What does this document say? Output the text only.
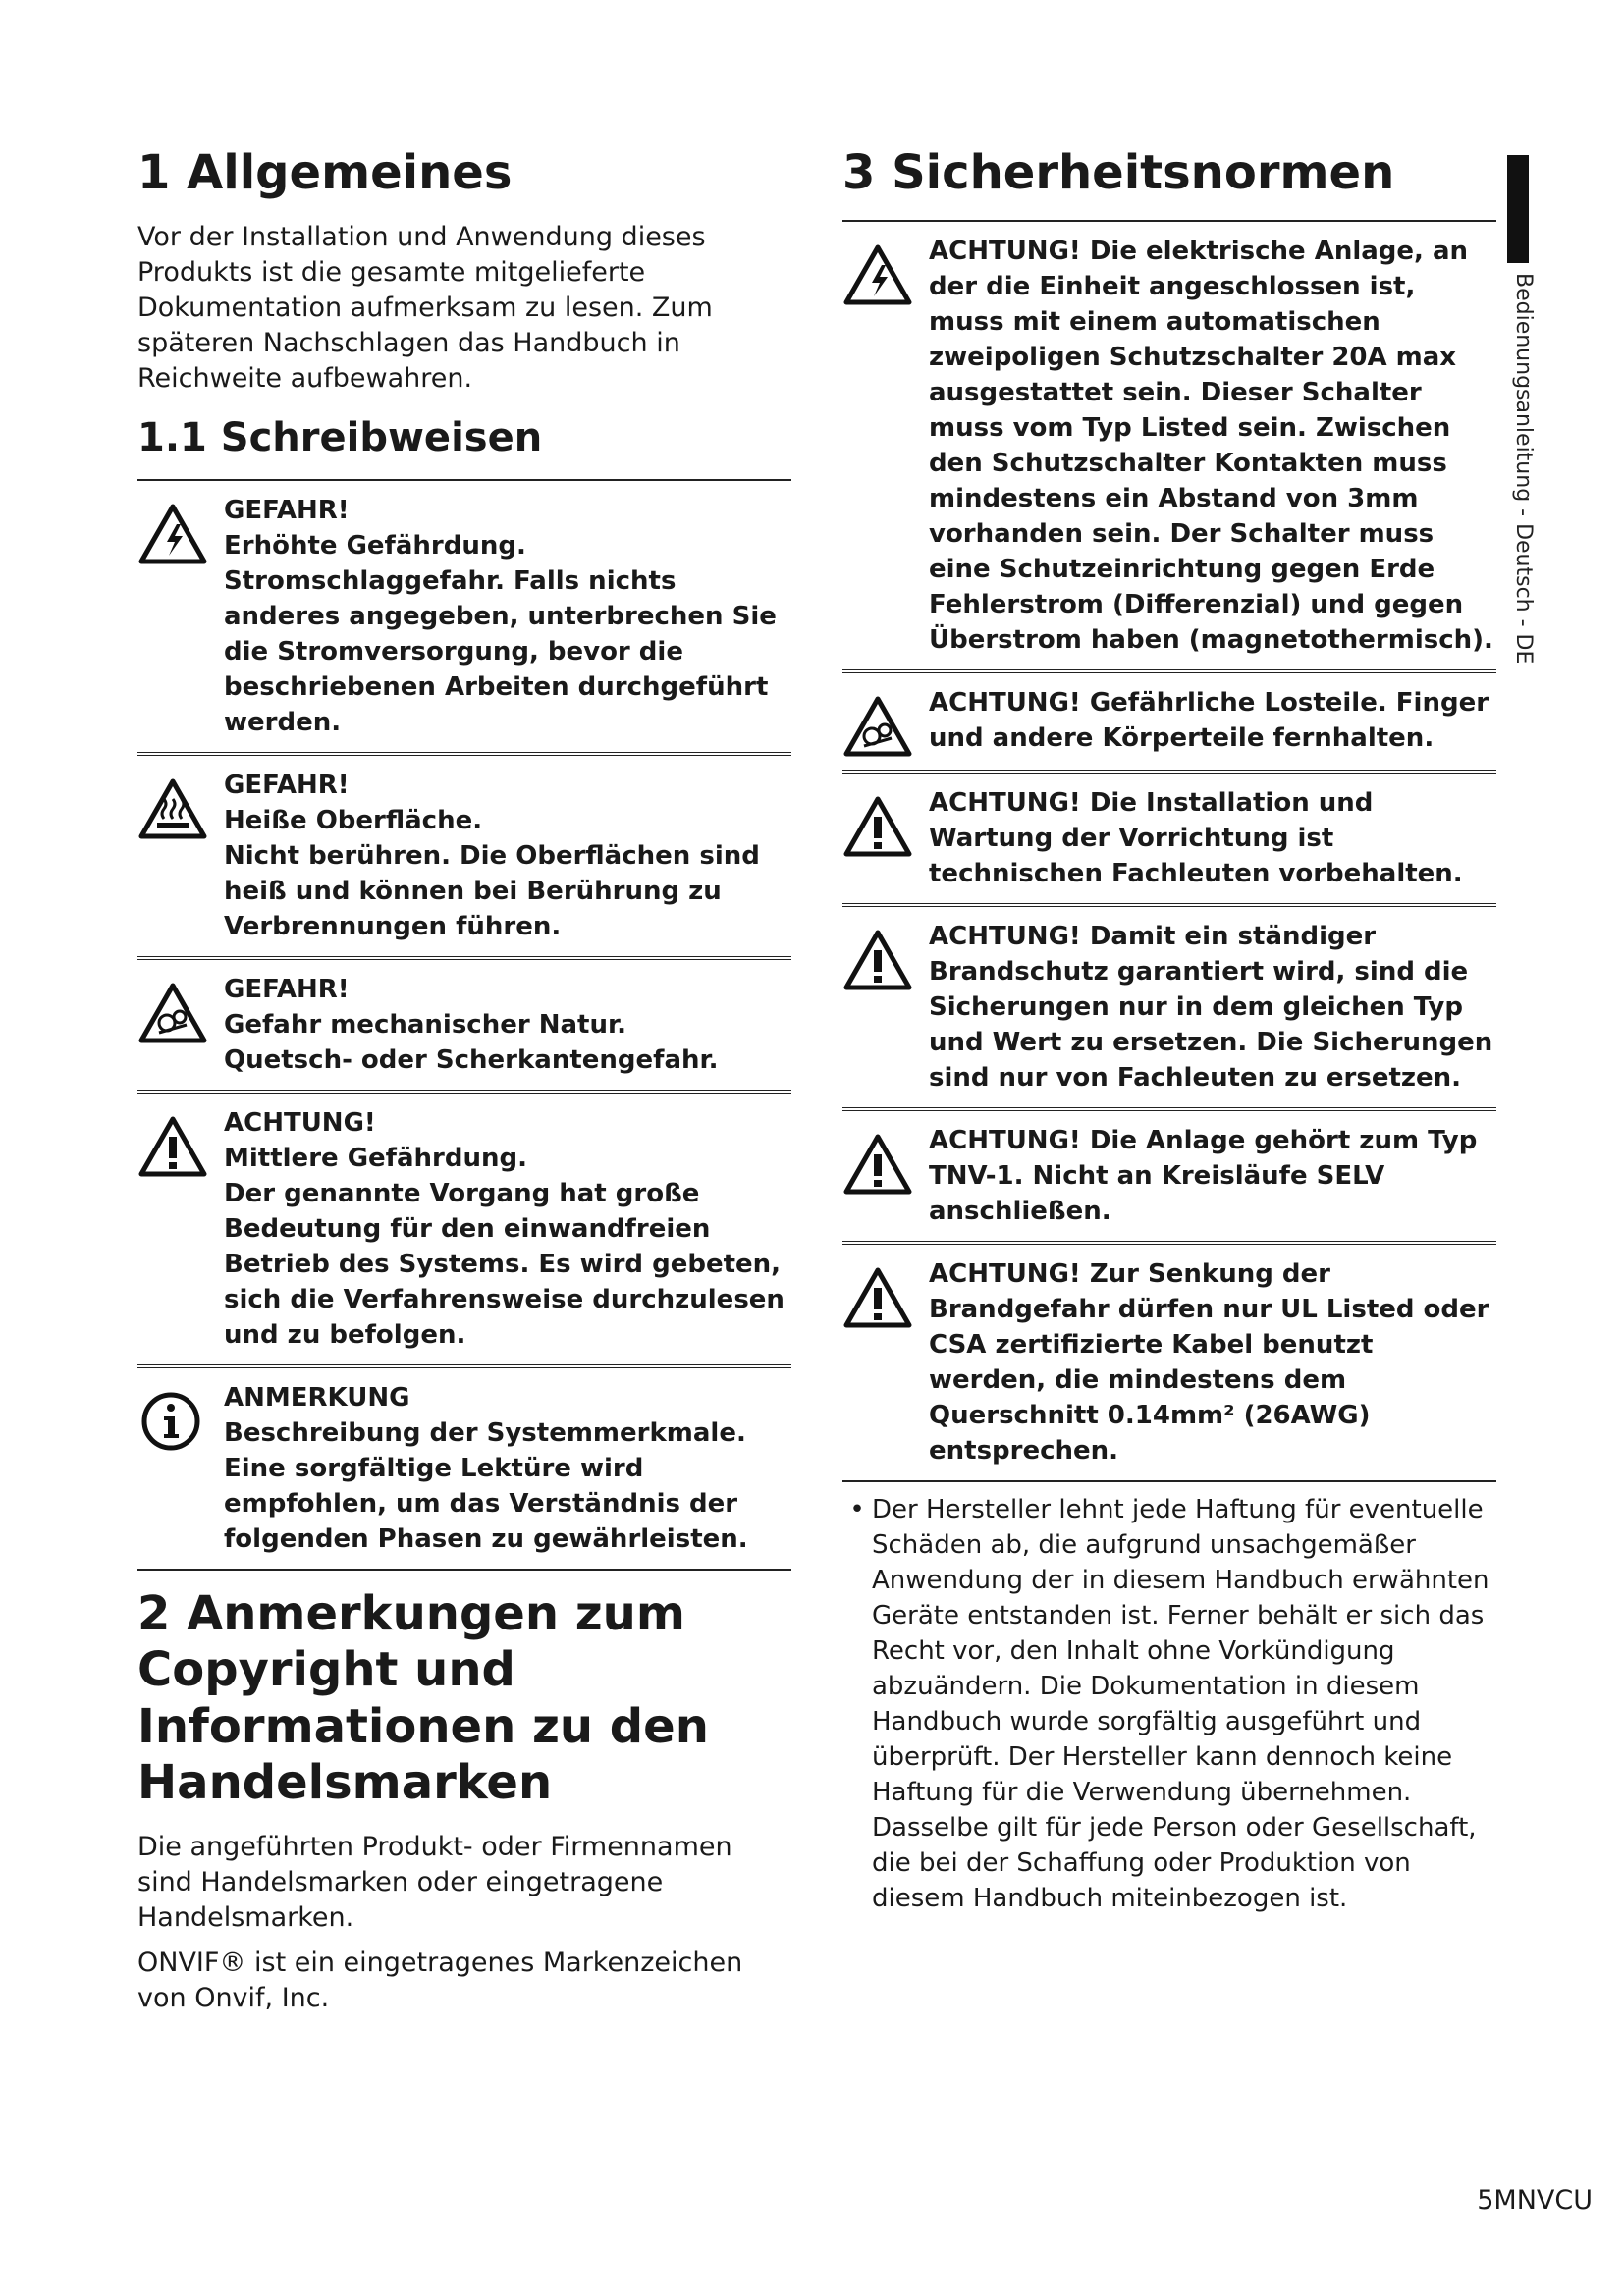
1 Allgemeines

Vor der Installation und Anwendung dieses Produkts ist die gesamte mitgelieferte Dokumentation aufmerksam zu lesen. Zum späteren Nachschlagen das Handbuch in Reichweite aufbewahren.

1.1 Schreibweisen
GEFAHR!
Erhöhte Gefährdung.
Stromschlaggefahr. Falls nichts anderes angegeben, unterbrechen Sie die Stromversorgung, bevor die beschriebenen Arbeiten durchgeführt werden.
GEFAHR!
Heiße Oberfläche.
Nicht berühren. Die Oberflächen sind heiß und können bei Berührung zu Verbrennungen führen.
GEFAHR!
Gefahr mechanischer Natur.
Quetsch- oder Scherkantengefahr.
ACHTUNG!
Mittlere Gefährdung.
Der genannte Vorgang hat große Bedeutung für den einwandfreien Betrieb des Systems. Es wird gebeten, sich die Verfahrensweise durchzulesen und zu befolgen.
ANMERKUNG
Beschreibung der Systemmerkmale.
Eine sorgfältige Lektüre wird empfohlen, um das Verständnis der folgenden Phasen zu gewährleisten.
2 Anmerkungen zum Copyright und Informationen zu den Handelsmarken

Die angeführten Produkt- oder Firmennamen sind Handelsmarken oder eingetragene Handelsmarken.

ONVIF® ist ein eingetragenes Markenzeichen von Onvif, Inc.

3 Sicherheitsnormen
ACHTUNG! Die elektrische Anlage, an der die Einheit angeschlossen ist, muss mit einem automatischen zweipoligen Schutzschalter 20A max ausgestattet sein. Dieser Schalter muss vom Typ Listed sein. Zwischen den Schutzschalter Kontakten muss mindestens ein Abstand von 3mm vorhanden sein. Der Schalter muss eine Schutzeinrichtung gegen Erde Fehlerstrom (Differenzial) und gegen Überstrom haben (magnetothermisch).
ACHTUNG! Gefährliche Losteile. Finger und andere Körperteile fernhalten.
ACHTUNG! Die Installation und Wartung der Vorrichtung ist technischen Fachleuten vorbehalten.
ACHTUNG! Damit ein ständiger Brandschutz garantiert wird, sind die Sicherungen nur in dem gleichen Typ und Wert zu ersetzen. Die Sicherungen sind nur von Fachleuten zu ersetzen.
ACHTUNG! Die Anlage gehört zum Typ TNV-1. Nicht an Kreisläufe SELV anschließen.
ACHTUNG! Zur Senkung der Brandgefahr dürfen nur UL Listed oder CSA zertifizierte Kabel benutzt werden, die mindestens dem Querschnitt 0.14mm² (26AWG) entsprechen.
• Der Hersteller lehnt jede Haftung für eventuelle Schäden ab, die aufgrund unsachgemäßer Anwendung der in diesem Handbuch erwähnten Geräte entstanden ist. Ferner behält er sich das Recht vor, den Inhalt ohne Vorkündigung abzuändern. Die Dokumentation in diesem Handbuch wurde sorgfältig ausgeführt und überprüft. Der Hersteller kann dennoch keine Haftung für die Verwendung übernehmen. Dasselbe gilt für jede Person oder Gesellschaft, die bei der Schaffung oder Produktion von diesem Handbuch miteinbezogen ist.
Bedienungsanleitung - Deutsch - DE
5MNVCU
